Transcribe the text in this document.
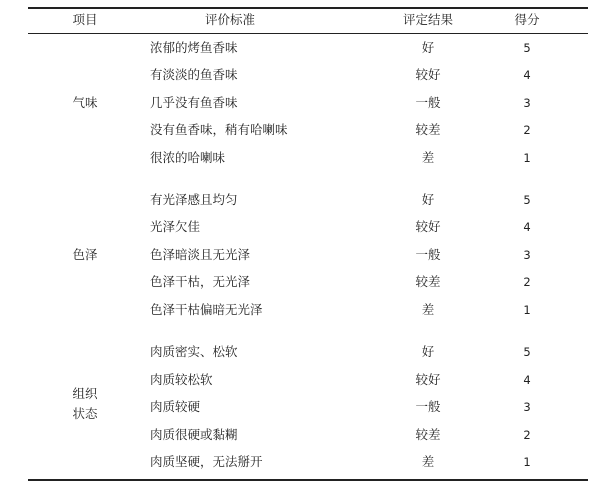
项目	评价标准	评定结果	得分
气味
浓郁的烤鱼香味	好	5
有淡淡的鱼香味	较好	4
几乎没有鱼香味	一般	3
没有鱼香味，稍有哈喇味	较差	2
很浓的哈喇味	差	1
色泽
有光泽感且均匀	好	5
光泽欠佳	较好	4
色泽暗淡且无光泽	一般	3
色泽干枯，无光泽	较差	2
色泽干枯偏暗无光泽	差	1
组织
状态
肉质密实、松软	好	5
肉质较松软	较好	4
肉质较硬	一般	3
肉质很硬或黏糊	较差	2
肉质坚硬，无法掰开	差	1
